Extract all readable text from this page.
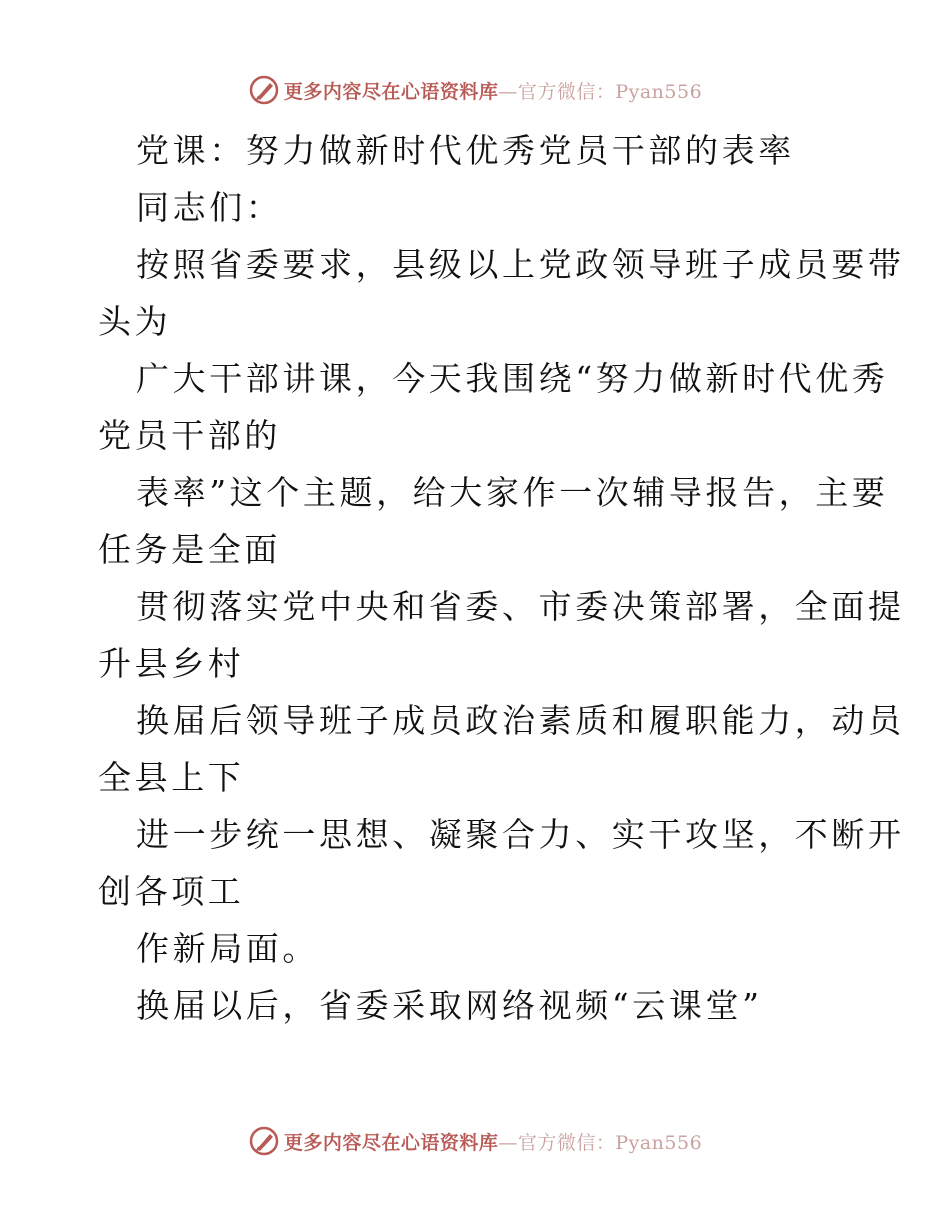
更多内容尽在心语资料库—官方微信：Pyan556
党课：努力做新时代优秀党员干部的表率
同志们：
按照省委要求，县级以上党政领导班子成员要带
头为
广大干部讲课，今天我围绕“努力做新时代优秀
党员干部的
表率”这个主题，给大家作一次辅导报告，主要
任务是全面
贯彻落实党中央和省委、市委决策部署，全面提
升县乡村
换届后领导班子成员政治素质和履职能力，动员
全县上下
进一步统一思想、凝聚合力、实干攻坚，不断开
创各项工
作新局面。
换届以后，省委采取网络视频“云课堂”
更多内容尽在心语资料库—官方微信：Pyan556
